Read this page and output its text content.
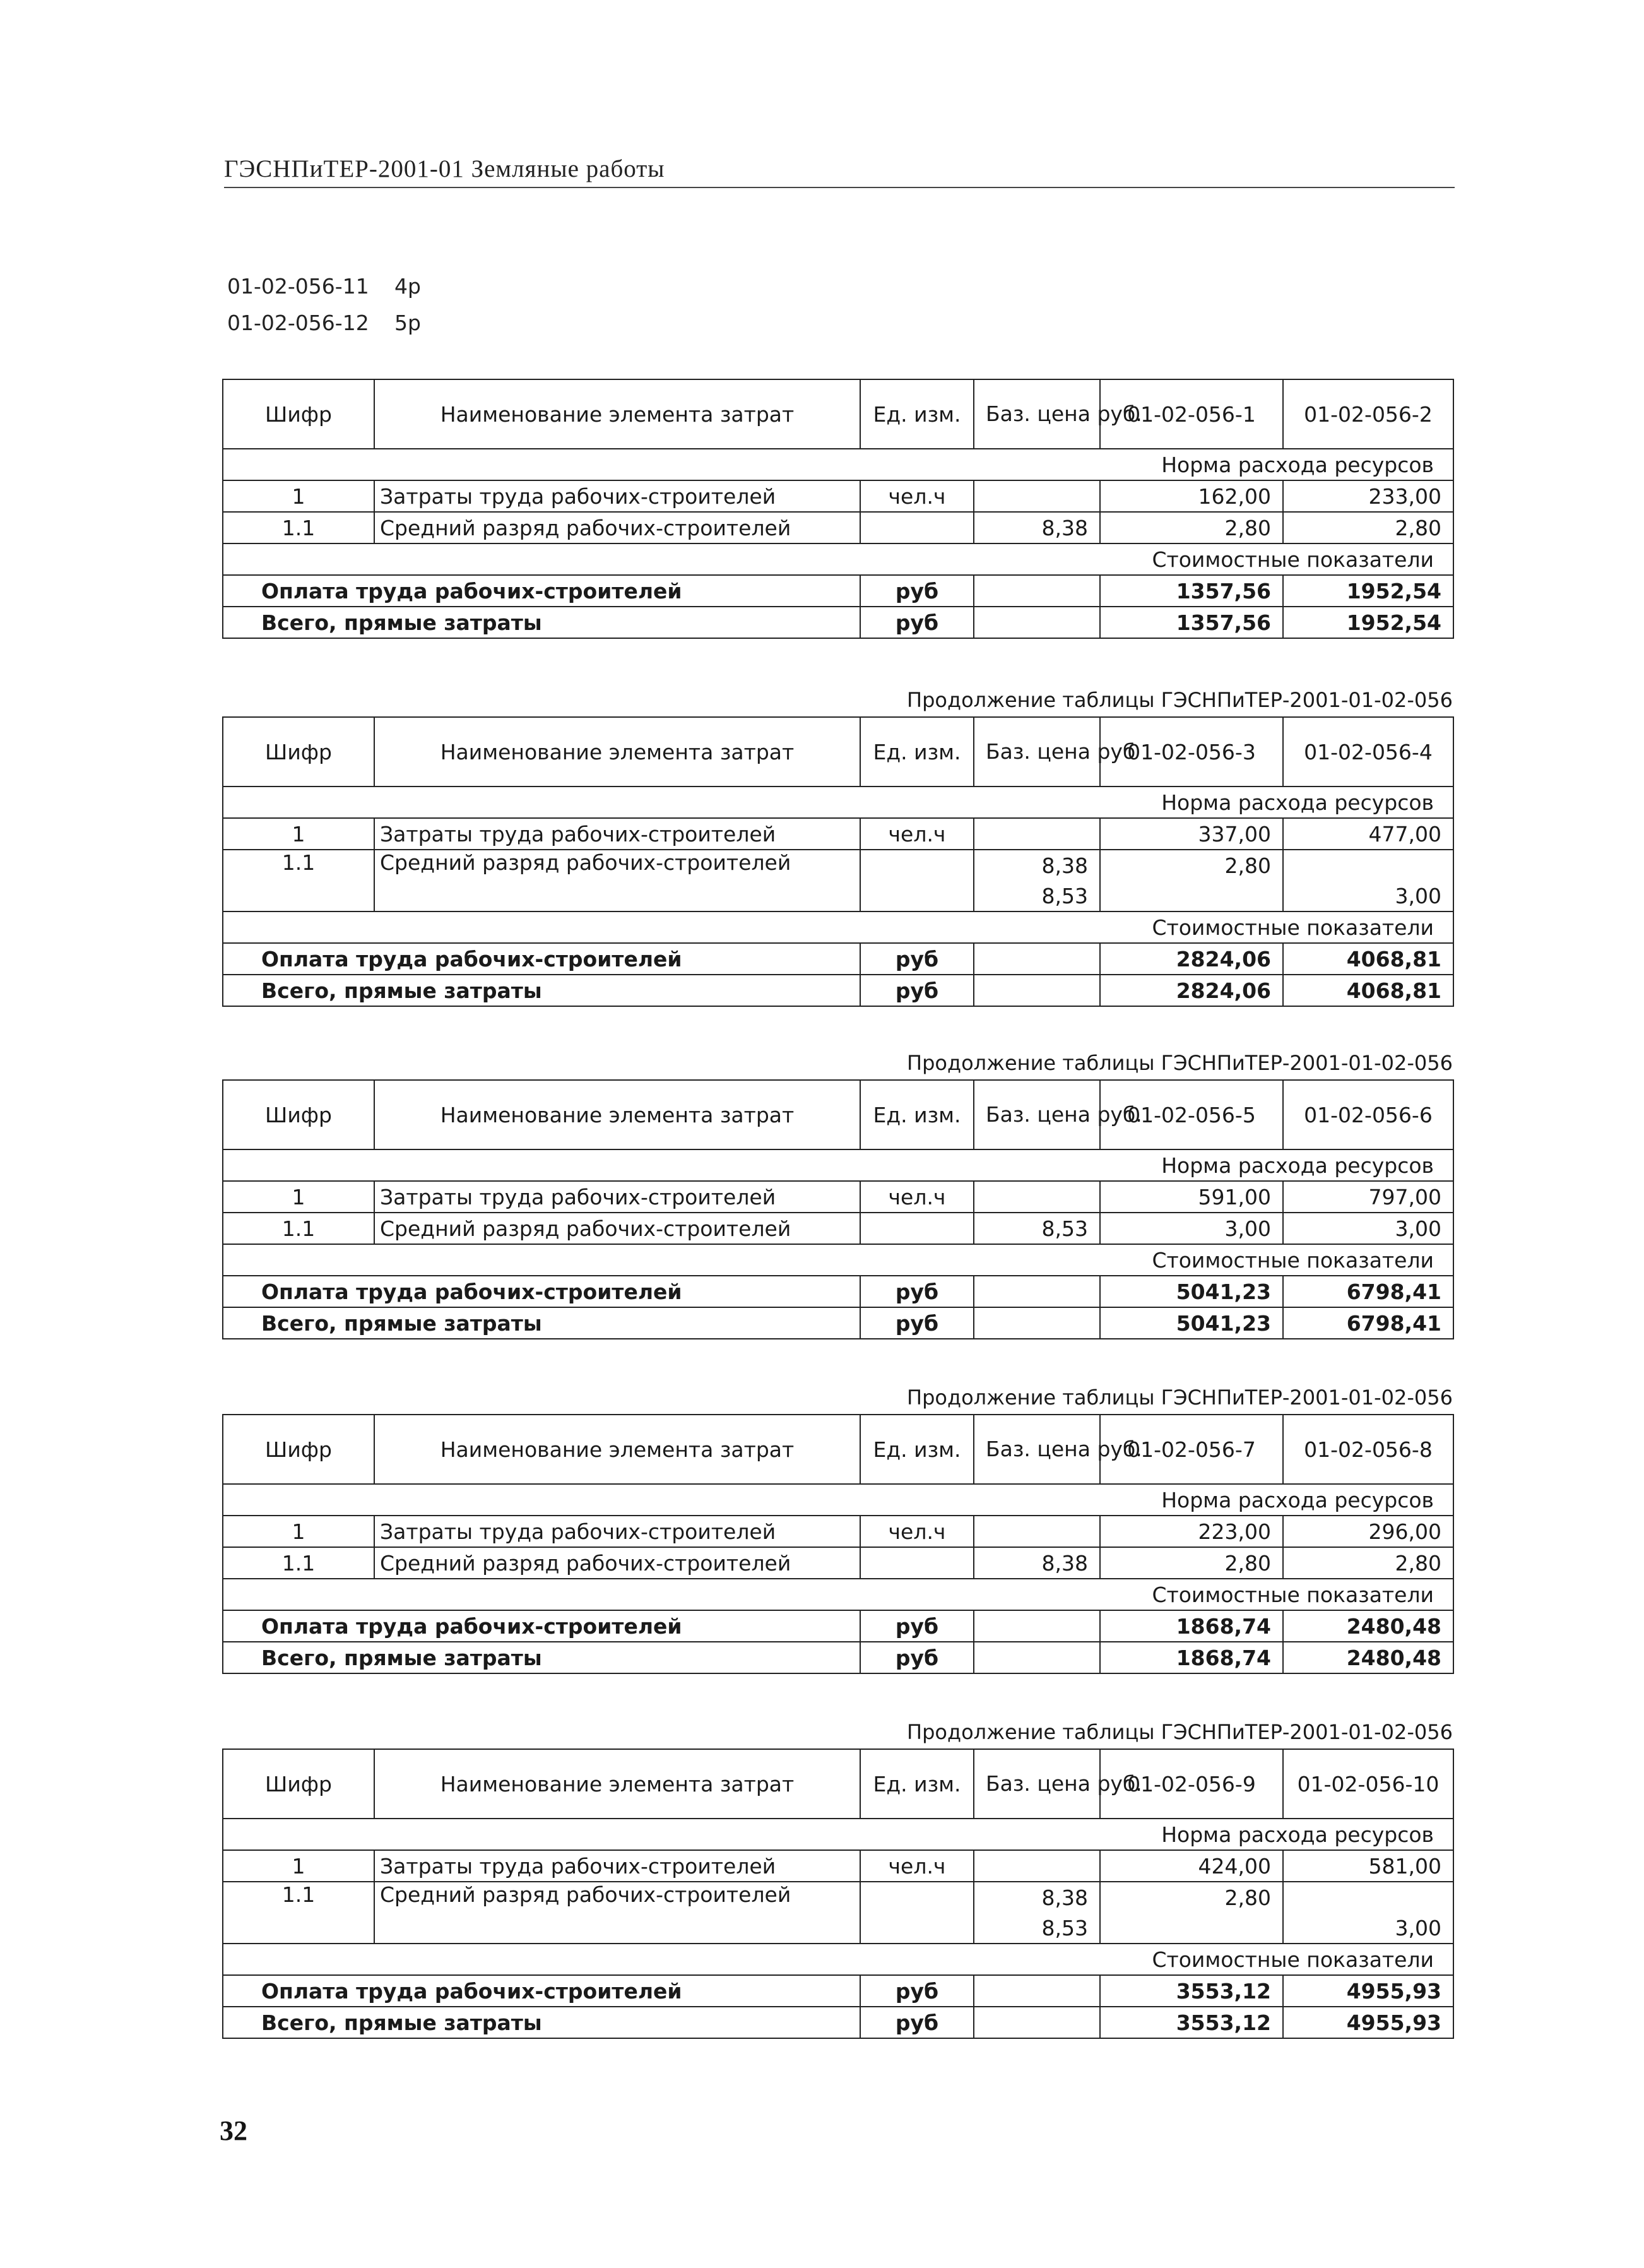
ГЭСНПиТЕР-2001-01 Земляные работы
01-02-056-11 4р
01-02-056-12 5р
Шифр	Наименование элемента затрат	Ед. изм.	Баз. цена руб.	01-02-056-1	01-02-056-2
Норма расхода ресурсов					
1	Затраты труда рабочих-строителей	чел.ч		162,00	233,00
1.1	Средний разряд рабочих-строителей		8,38	2,80	2,80
Стоимостные показатели					
Оплата труда рабочих-строителей		руб		1357,56	1952,54
Всего, прямые затраты		руб		1357,56	1952,54
Продолжение таблицы ГЭСНПиТЕР-2001-01-02-056
Шифр	Наименование элемента затрат	Ед. изм.	Баз. цена руб	01-02-056-3	01-02-056-4
Норма расхода ресурсов					
1	Затраты труда рабочих-строителей	чел.ч		337,00	477,00
1.1	Средний разряд рабочих-строителей		8,38	2,80	
			8,53		3,00
Стоимостные показатели					
Оплата труда рабочих-строителей		руб		2824,06	4068,81
Всего, прямые затраты		руб		2824,06	4068,81
Продолжение таблицы ГЭСНПиТЕР-2001-01-02-056
Шифр	Наименование элемента затрат	Ед. изм.	Баз. цена руб.	01-02-056-5	01-02-056-6
Норма расхода ресурсов					
1	Затраты труда рабочих-строителей	чел.ч		591,00	797,00
1.1	Средний разряд рабочих-строителей		8,53	3,00	3,00
Стоимостные показатели					
Оплата труда рабочих-строителей		руб		5041,23	6798,41
Всего, прямые затраты		руб		5041,23	6798,41
Продолжение таблицы ГЭСНПиТЕР-2001-01-02-056
Шифр	Наименование элемента затрат	Ед. изм.	Баз. цена руб.	01-02-056-7	01-02-056-8
Норма расхода ресурсов					
1	Затраты труда рабочих-строителей	чел.ч		223,00	296,00
1.1	Средний разряд рабочих-строителей		8,38	2,80	2,80
Стоимостные показатели					
Оплата труда рабочих-строителей		руб		1868,74	2480,48
Всего, прямые затраты		руб		1868,74	2480,48
Продолжение таблицы ГЭСНПиТЕР-2001-01-02-056
Шифр	Наименование элемента затрат	Ед. изм.	Баз. цена руб.	01-02-056-9	01-02-056-10
Норма расхода ресурсов					
1	Затраты труда рабочих-строителей	чел.ч		424,00	581,00
1.1	Средний разряд рабочих-строителей		8,38	2,80	
			8,53		3,00
Стоимостные показатели					
Оплата труда рабочих-строителей		руб		3553,12	4955,93
Всего, прямые затраты		руб		3553,12	4955,93
32
